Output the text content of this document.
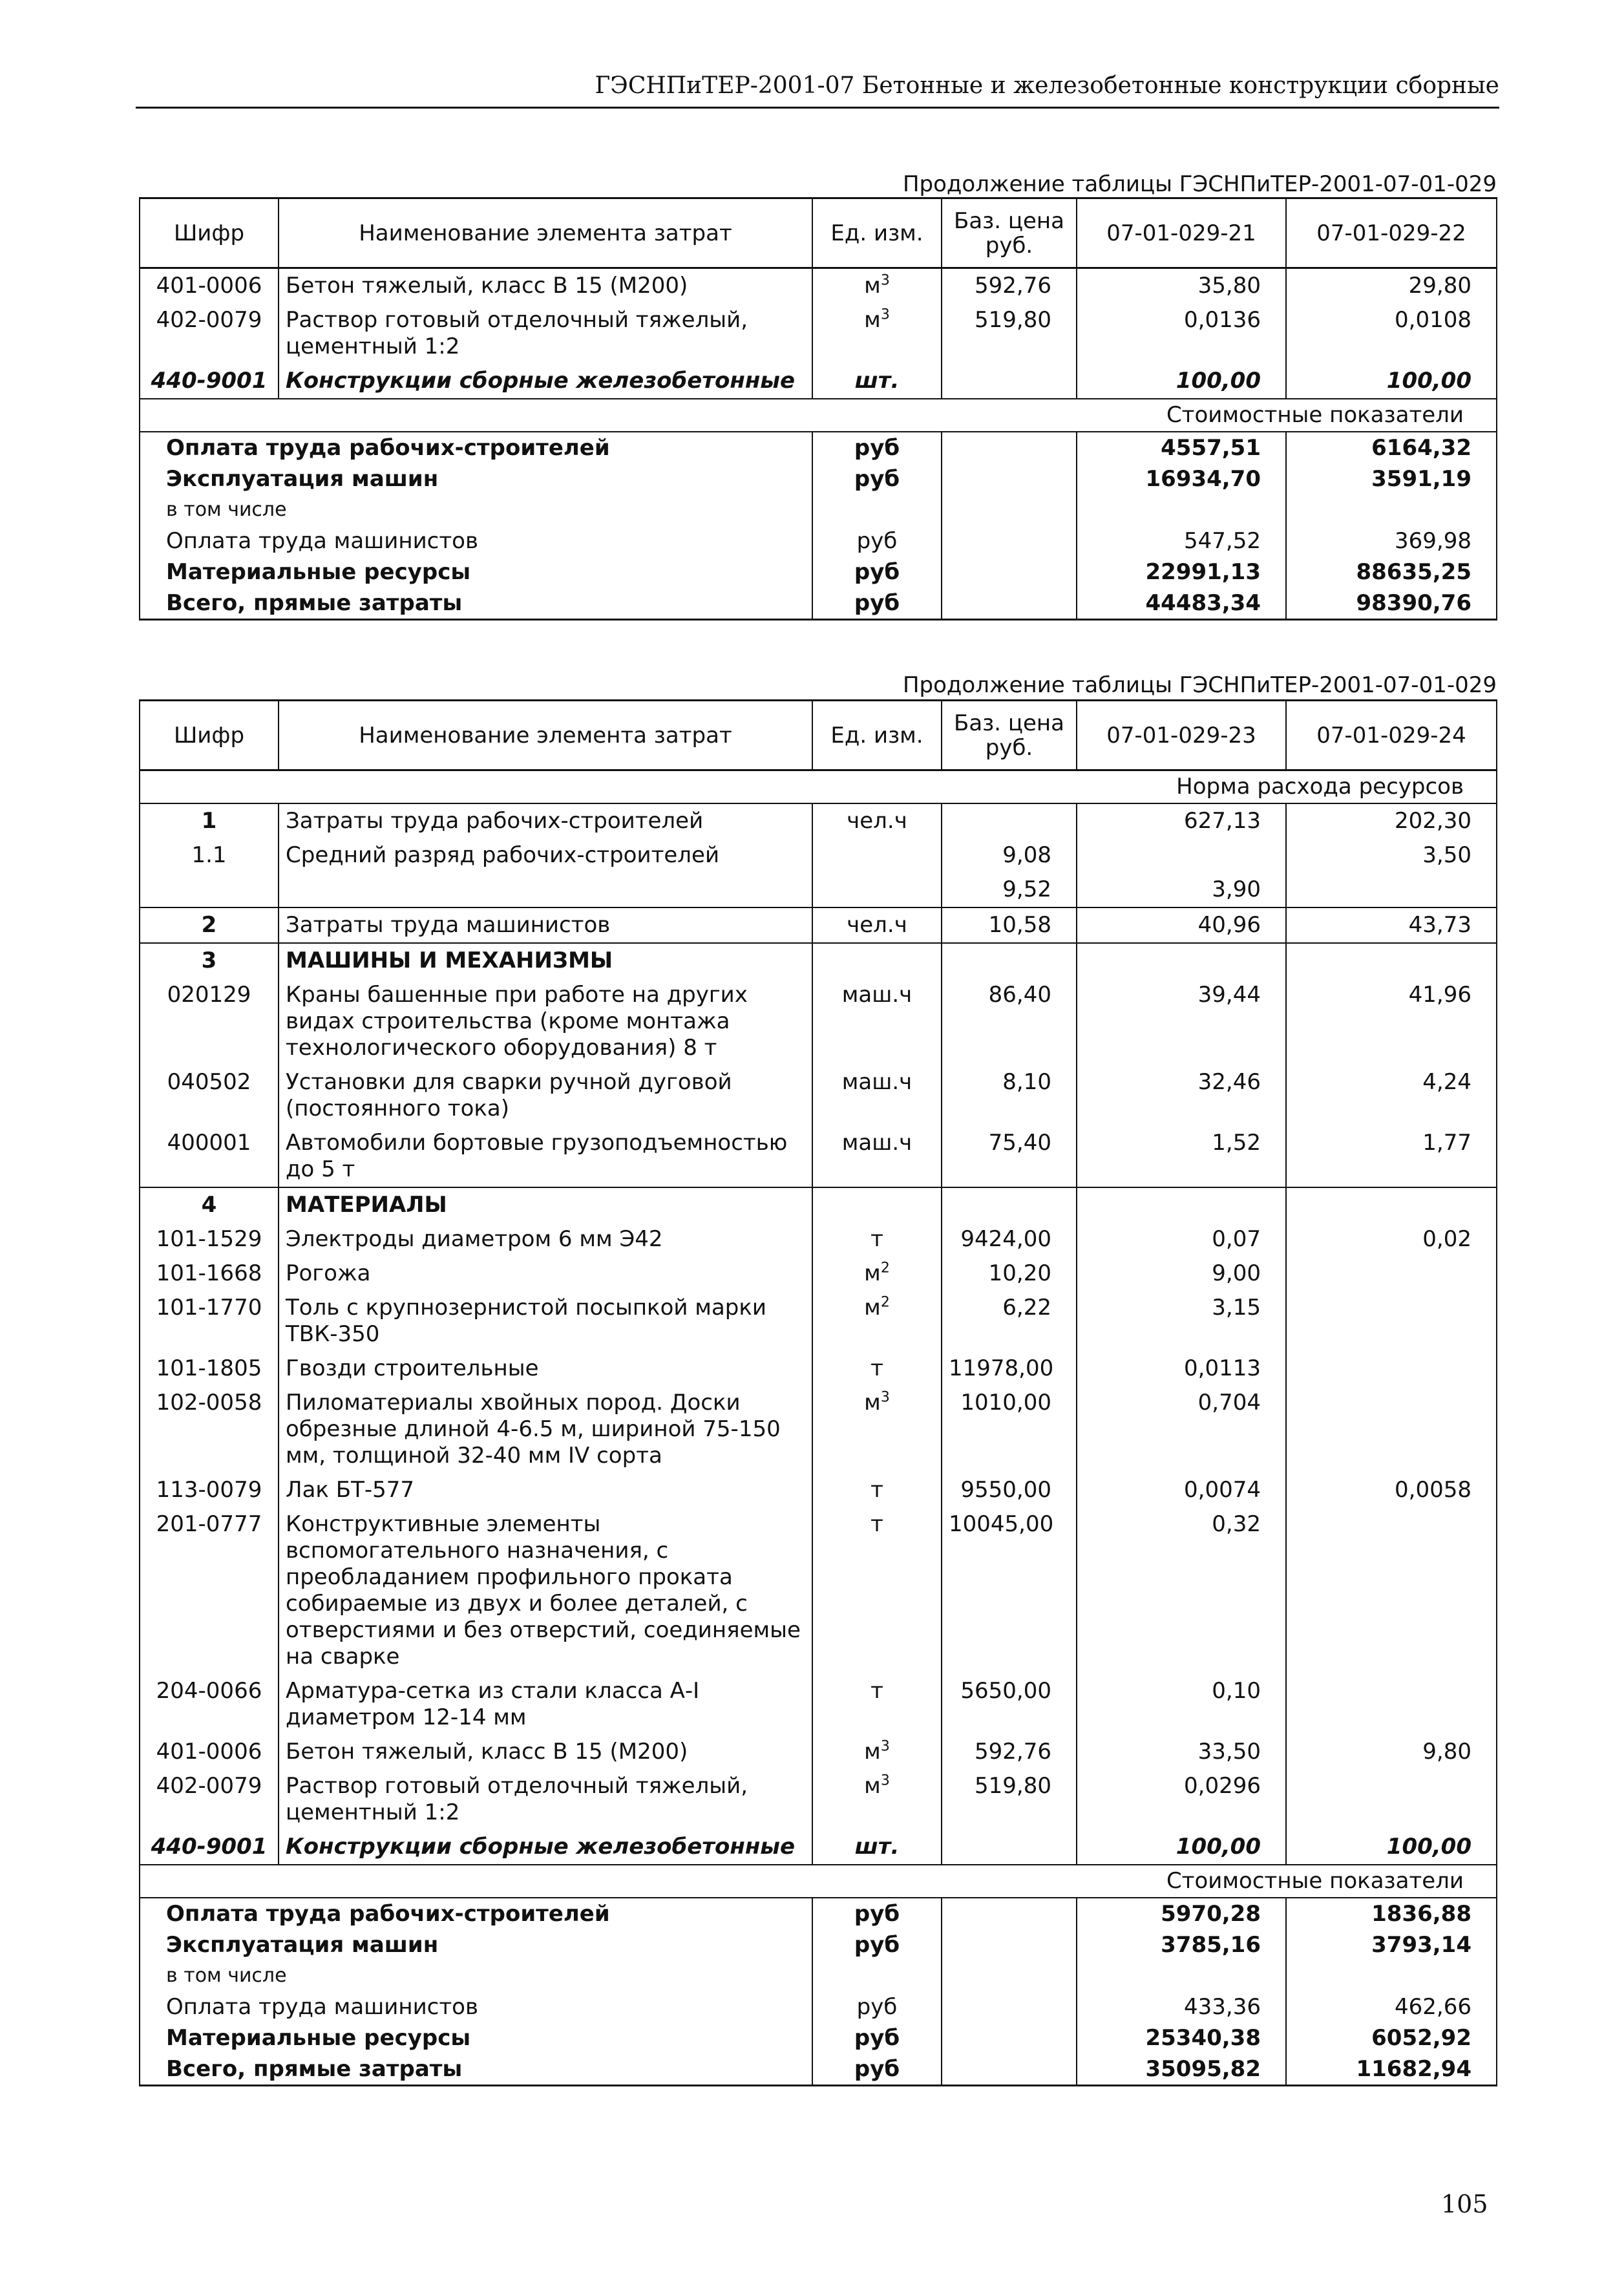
ГЭСНПиТЕР-2001-07 Бетонные и железобетонные конструкции сборные
Продолжение таблицы ГЭСНПиТЕР-2001-07-01-029
Шифр	Наименование элемента затрат	Ед. изм.	Баз. цена руб.	07-01-029-21	07-01-029-22
401-0006	Бетон тяжелый, класс В 15 (М200)	$м^3$	592,76	35,80	29,80
402-0079	Раствор готовый отделочный тяжелый, цементный 1:2	$м^3$	519,80	0,0136	0,0108
440-9001	Конструкции сборные железобетонные	шт.		100,00	100,00
Стоимостные показатели					
Оплата труда рабочих-строителей		руб		4557,51	6164,32
Эксплуатация машин		руб		16934,70	3591,19
в том числе					
Оплата труда машинистов		руб		547,52	369,98
Материальные ресурсы		руб		22991,13	88635,25
Всего, прямые затраты		руб		44483,34	98390,76
Продолжение таблицы ГЭСНПиТЕР-2001-07-01-029
Шифр	Наименование элемента затрат	Ед. изм.	Баз. цена руб.	07-01-029-23	07-01-029-24
Норма расхода ресурсов					
1	Затраты труда рабочих-строителей	чел.ч		627,13	202,30
1.1	Средний разряд рабочих-строителей		9,08		3,50
			9,52	3,90	
2	Затраты труда машинистов	чел.ч	10,58	40,96	43,73
3	МАШИНЫ И МЕХАНИЗМЫ				
020129	Краны башенные при работе на других видах строительства (кроме монтажа технологического оборудования) 8 т	маш.ч	86,40	39,44	41,96
040502	Установки для сварки ручной дуговой (постоянного тока)	маш.ч	8,10	32,46	4,24
400001	Автомобили бортовые грузоподъемностью до 5 т	маш.ч	75,40	1,52	1,77
4	МАТЕРИАЛЫ				
101-1529	Электроды диаметром 6 мм Э42	т	9424,00	0,07	0,02
101-1668	Рогожа	$м^2$	10,20	9,00	
101-1770	Толь с крупнозернистой посыпкой марки ТВК-350	$м^2$	6,22	3,15	
101-1805	Гвозди строительные	т	11978,00	0,0113	
102-0058	Пиломатериалы хвойных пород. Доски обрезные длиной 4-6.5 м, шириной 75-150 мм, толщиной 32-40 мм IV сорта	$м^3$	1010,00	0,704	
113-0079	Лак БТ-577	т	9550,00	0,0074	0,0058
201-0777	Конструктивные элементы вспомогательного назначения, с преобладанием профильного проката собираемые из двух и более деталей, с отверстиями и без отверстий, соединяемые на сварке	т	10045,00	0,32	
204-0066	Арматура-сетка из стали класса А-I диаметром 12-14 мм	т	5650,00	0,10	
401-0006	Бетон тяжелый, класс В 15 (М200)	$м^3$	592,76	33,50	9,80
402-0079	Раствор готовый отделочный тяжелый, цементный 1:2	$м^3$	519,80	0,0296	
440-9001	Конструкции сборные железобетонные	шт.		100,00	100,00
Стоимостные показатели					
Оплата труда рабочих-строителей		руб		5970,28	1836,88
Эксплуатация машин		руб		3785,16	3793,14
в том числе					
Оплата труда машинистов		руб		433,36	462,66
Материальные ресурсы		руб		25340,38	6052,92
Всего, прямые затраты		руб		35095,82	11682,94
105
